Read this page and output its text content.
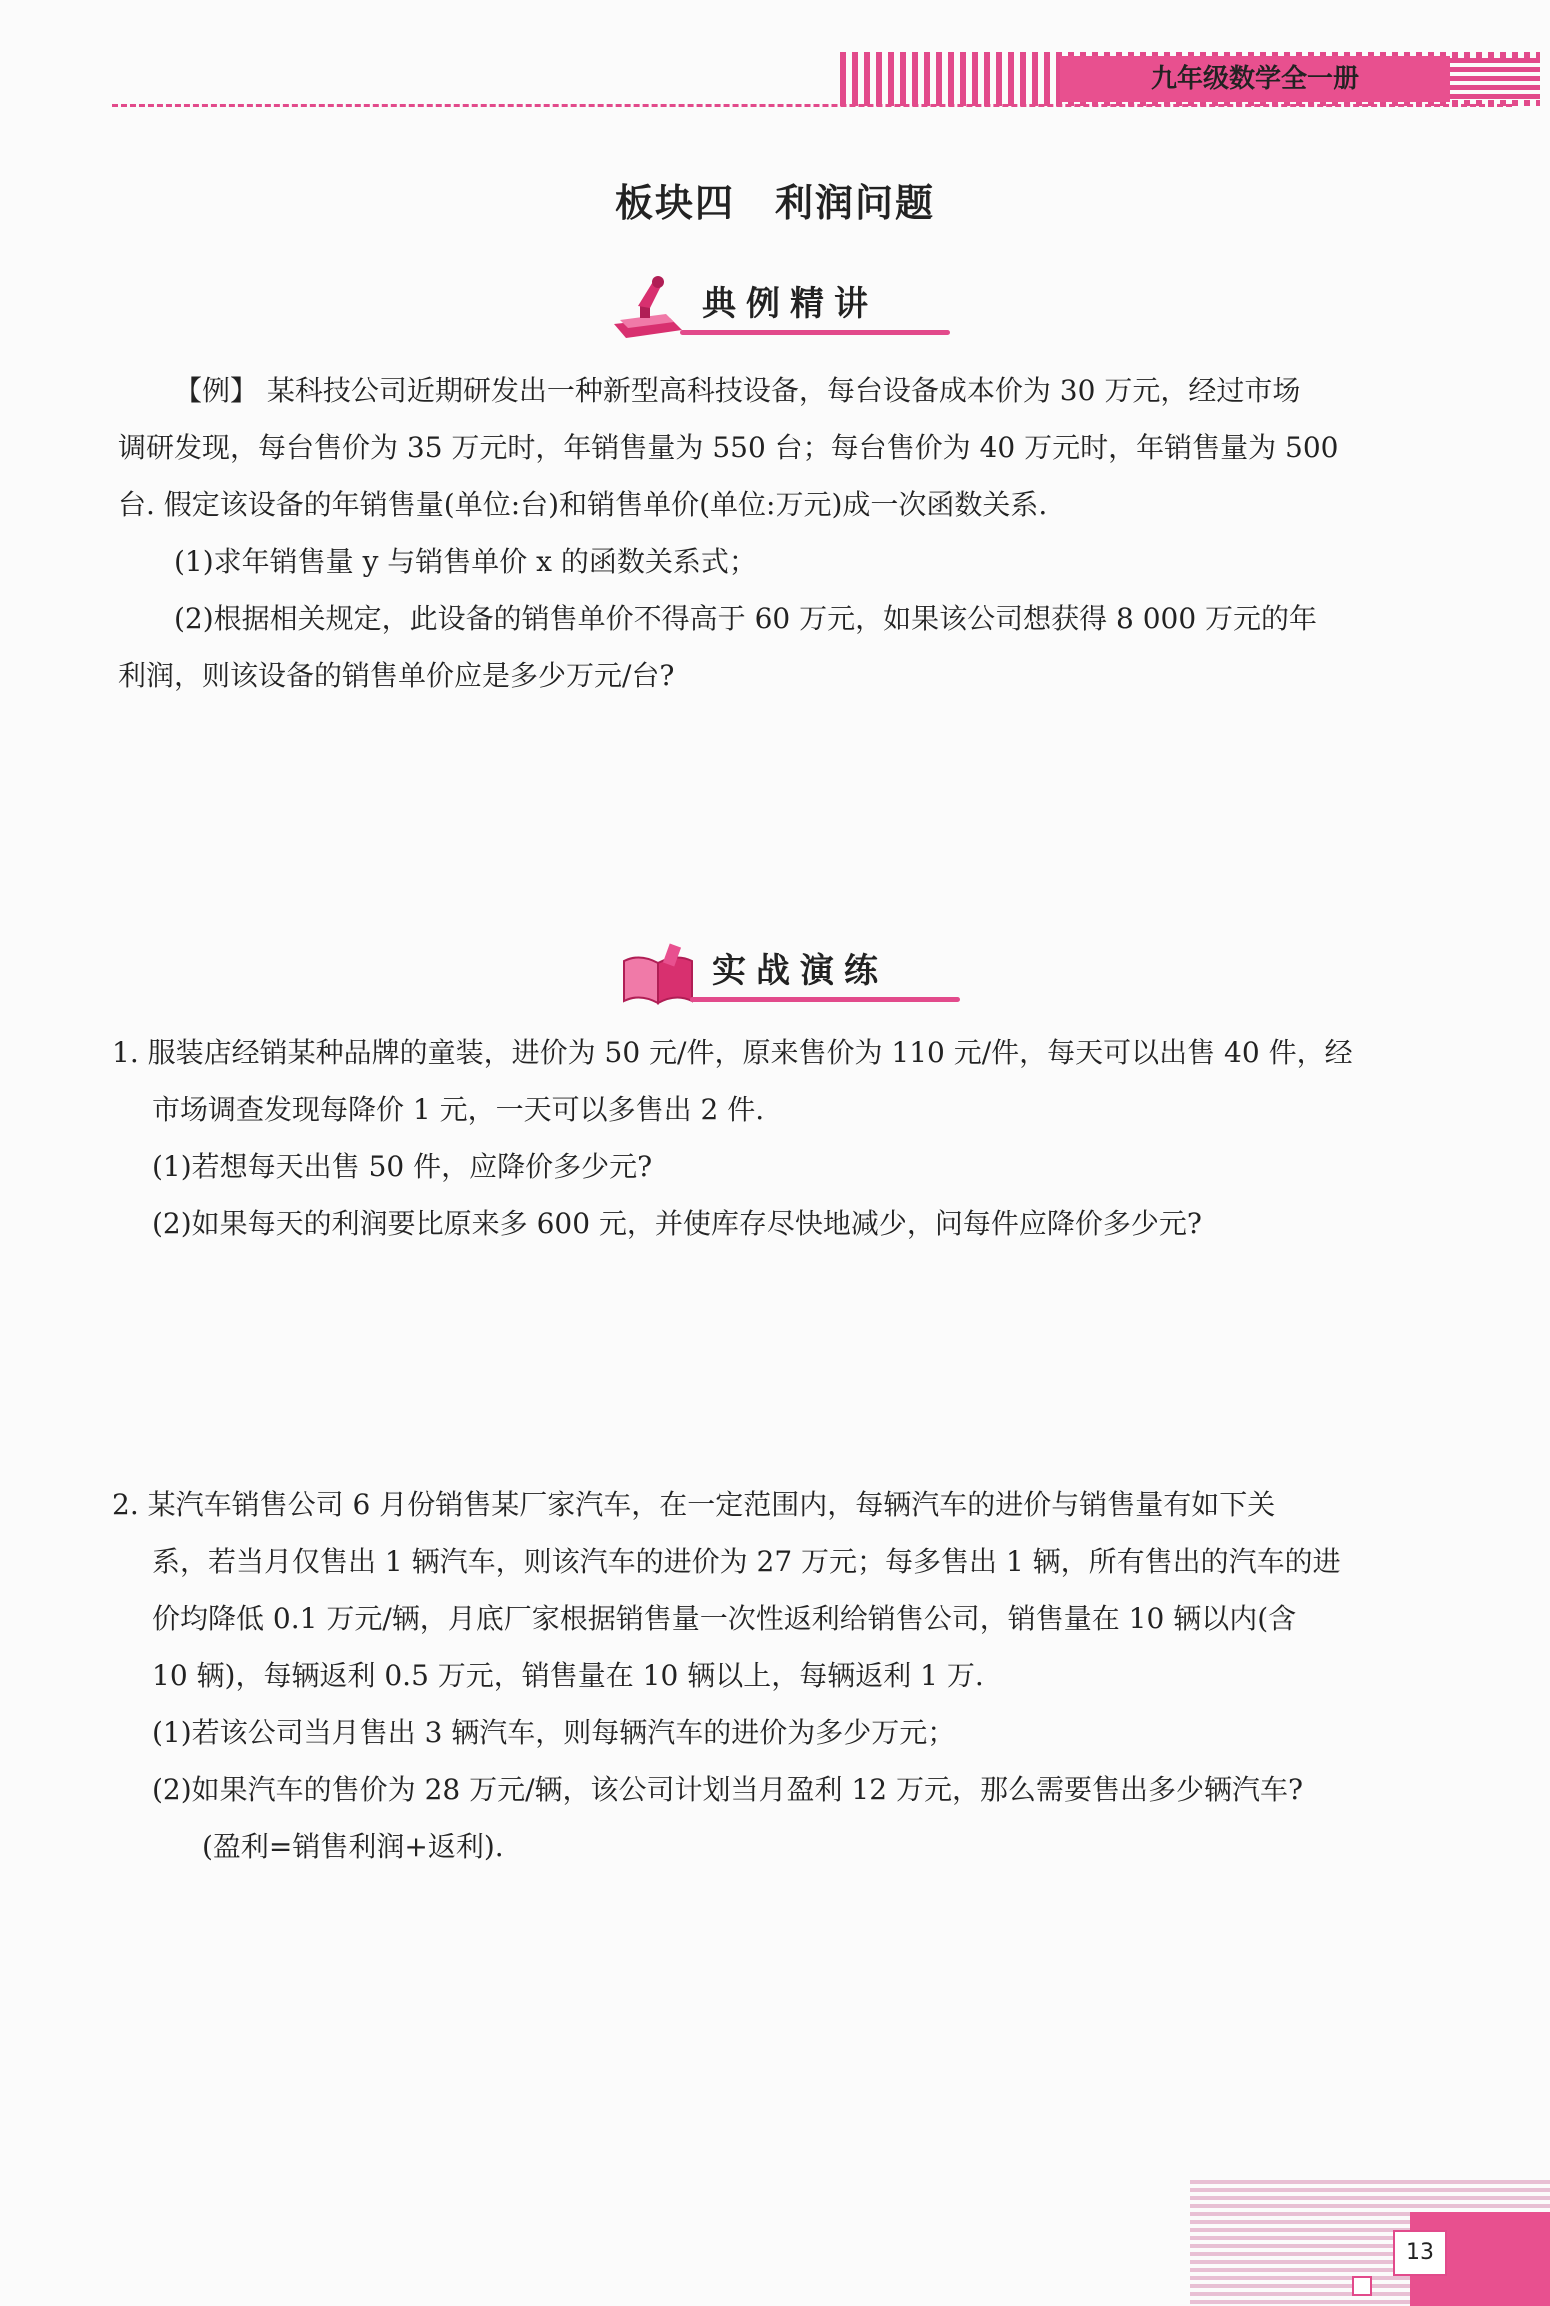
九年级数学全一册
板块四　利润问题
典例精讲

【例】 某科技公司近期研发出一种新型高科技设备，每台设备成本价为 30 万元，经过市场

调研发现，每台售价为 35 万元时，年销售量为 550 台；每台售价为 40 万元时，年销售量为 500

台. 假定该设备的年销售量(单位:台)和销售单价(单位:万元)成一次函数关系.

(1)求年销售量 y 与销售单价 x 的函数关系式；

(2)根据相关规定，此设备的销售单价不得高于 60 万元，如果该公司想获得 8 000 万元的年

利润，则该设备的销售单价应是多少万元/台?

实战演练

1. 服装店经销某种品牌的童装，进价为 50 元/件，原来售价为 110 元/件，每天可以出售 40 件，经

市场调查发现每降价 1 元，一天可以多售出 2 件.

(1)若想每天出售 50 件，应降价多少元?

(2)如果每天的利润要比原来多 600 元，并使库存尽快地减少，问每件应降价多少元?

2. 某汽车销售公司 6 月份销售某厂家汽车，在一定范围内，每辆汽车的进价与销售量有如下关

系，若当月仅售出 1 辆汽车，则该汽车的进价为 27 万元；每多售出 1 辆，所有售出的汽车的进

价均降低 0.1 万元/辆，月底厂家根据销售量一次性返利给销售公司，销售量在 10 辆以内(含

10 辆)，每辆返利 0.5 万元，销售量在 10 辆以上，每辆返利 1 万.

(1)若该公司当月售出 3 辆汽车，则每辆汽车的进价为多少万元；

(2)如果汽车的售价为 28 万元/辆，该公司计划当月盈利 12 万元，那么需要售出多少辆汽车?

(盈利=销售利润+返利).

13
